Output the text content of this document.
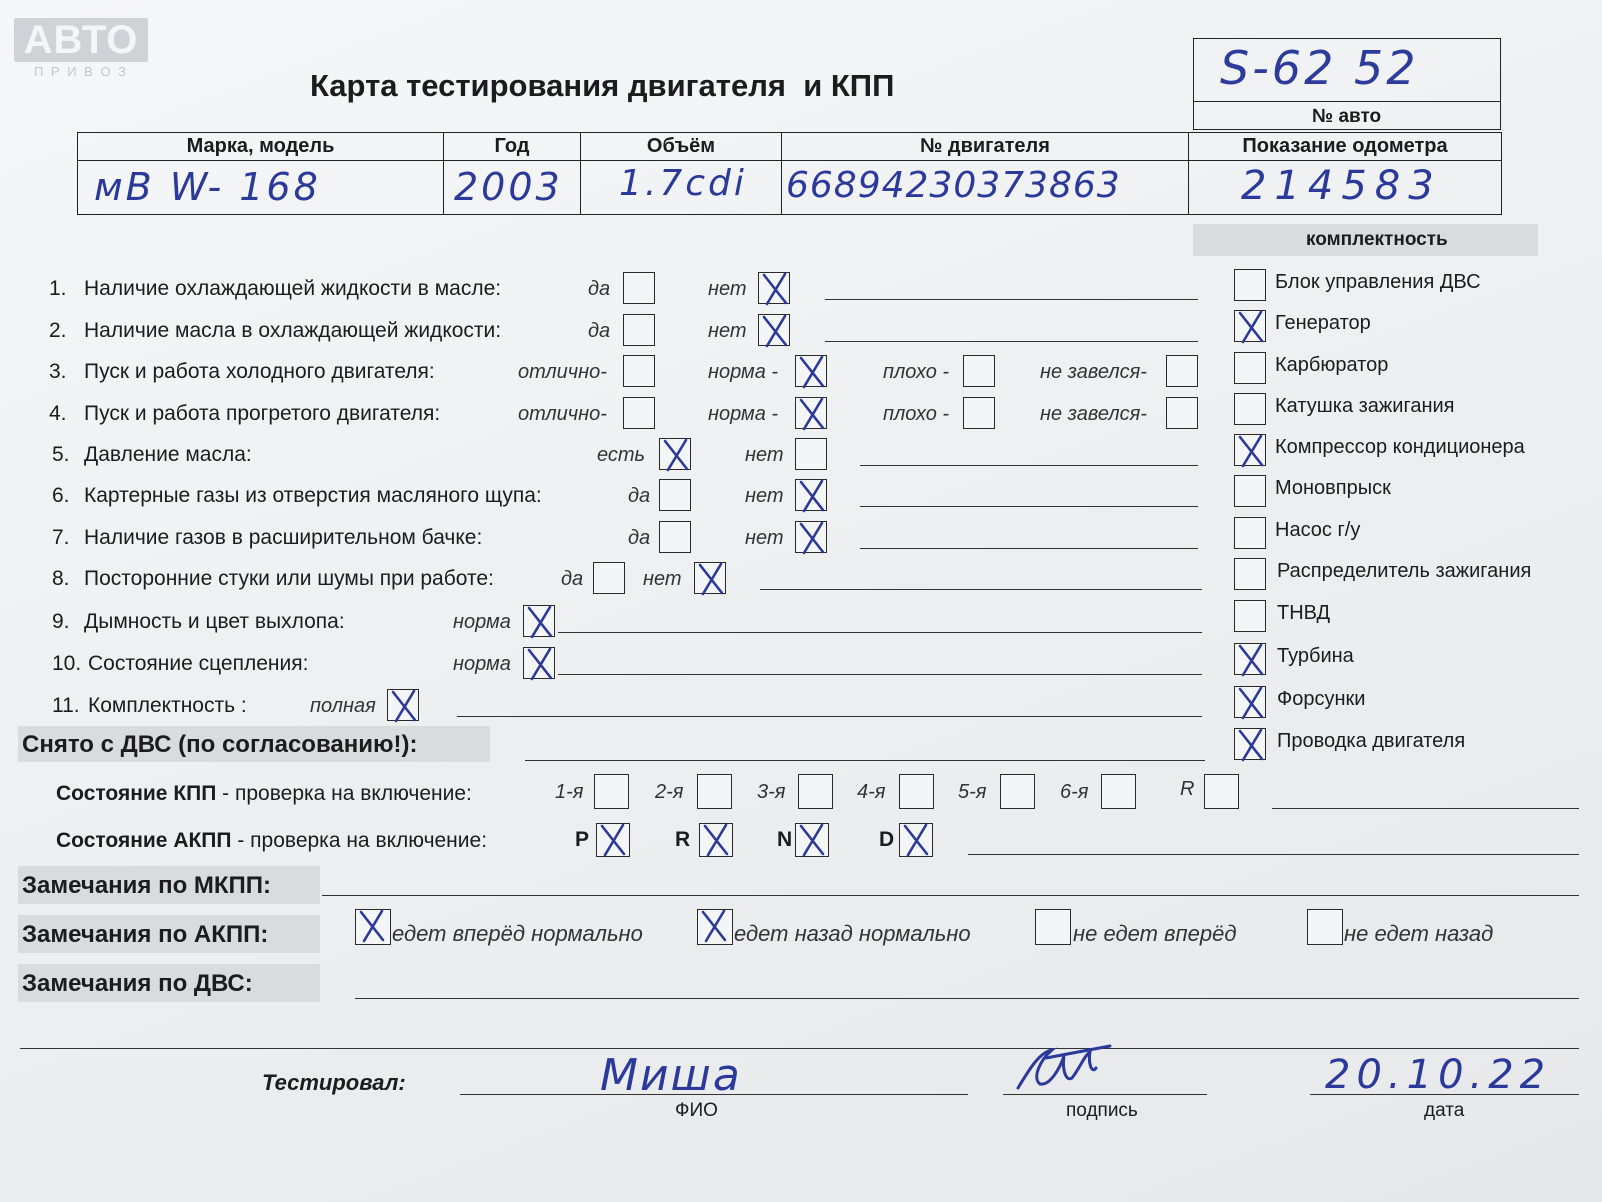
АВТО
П Р И В О З	Карта тестирования двигателя  и КПП	S-62 52
№ авто
Марка, модель	Год	Объём	№ двигателя	Показание одометра

мВ W- 168	2003	1.7cdi	66894230373863	214583
комплектность
Снято с ДВС (по согласованию!):
Состояние КПП - проверка на включение:
Состояние АКПП - проверка на включение:
Замечания по МКПП:
Замечания по АКПП:
Замечания по ДВС:
Тестировал:	Миша
ФИО	подпись
20.10.22
дата
1. Наличие охлаждающей жидкости в масле:	да	нет
2. Наличие масла в охлаждающей жидкости:	да	нет
3. Пуск и работа холодного двигателя:	отлично-	норма -	плохо -	не завелся-
4. Пуск и работа прогретого двигателя:	отлично-	норма -	плохо -	не завелся-
5. Давление масла:	есть	нет
6. Картерные газы из отверстия масляного щупа:	да	нет
7. Наличие газов в расширительном бачке:	да	нет
8. Посторонние стуки или шумы при работе:	да	нет
9. Дымность и цвет выхлопа:	норма
10. Состояние сцепления:	норма
11. Комплектность :	полная
Блок управления ДВС
Генератор
Карбюратор
Катушка зажигания
Компрессор кондиционера
Моновпрыск
Насос г/у
Распределитель зажигания
ТНВД
Турбина
Форсунки
Проводка двигателя
1-я	2-я	3-я	4-я	5-я	6-я	R
P	R	N	D
едет вперёд нормально	едет назад нормально	не едет вперёд	не едет назад
